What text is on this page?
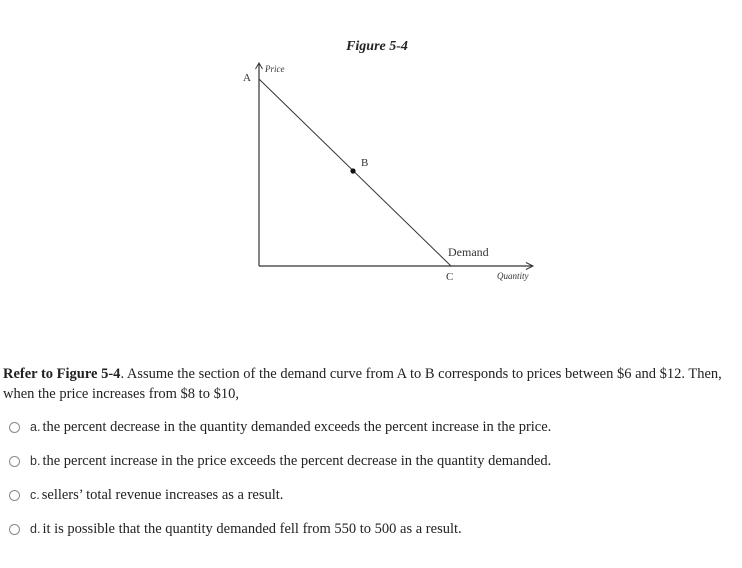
Figure 5-4
Price
Quantity
A
B
C
Demand
Refer to Figure 5-4. Assume the section of the demand curve from A to B corresponds to prices between $6 and $12. Then, when the price increases from $8 to $10,
a. the percent decrease in the quantity demanded exceeds the percent increase in the price.
b. the percent increase in the price exceeds the percent decrease in the quantity demanded.
c. sellers’ total revenue increases as a result.
d. it is possible that the quantity demanded fell from 550 to 500 as a result.
